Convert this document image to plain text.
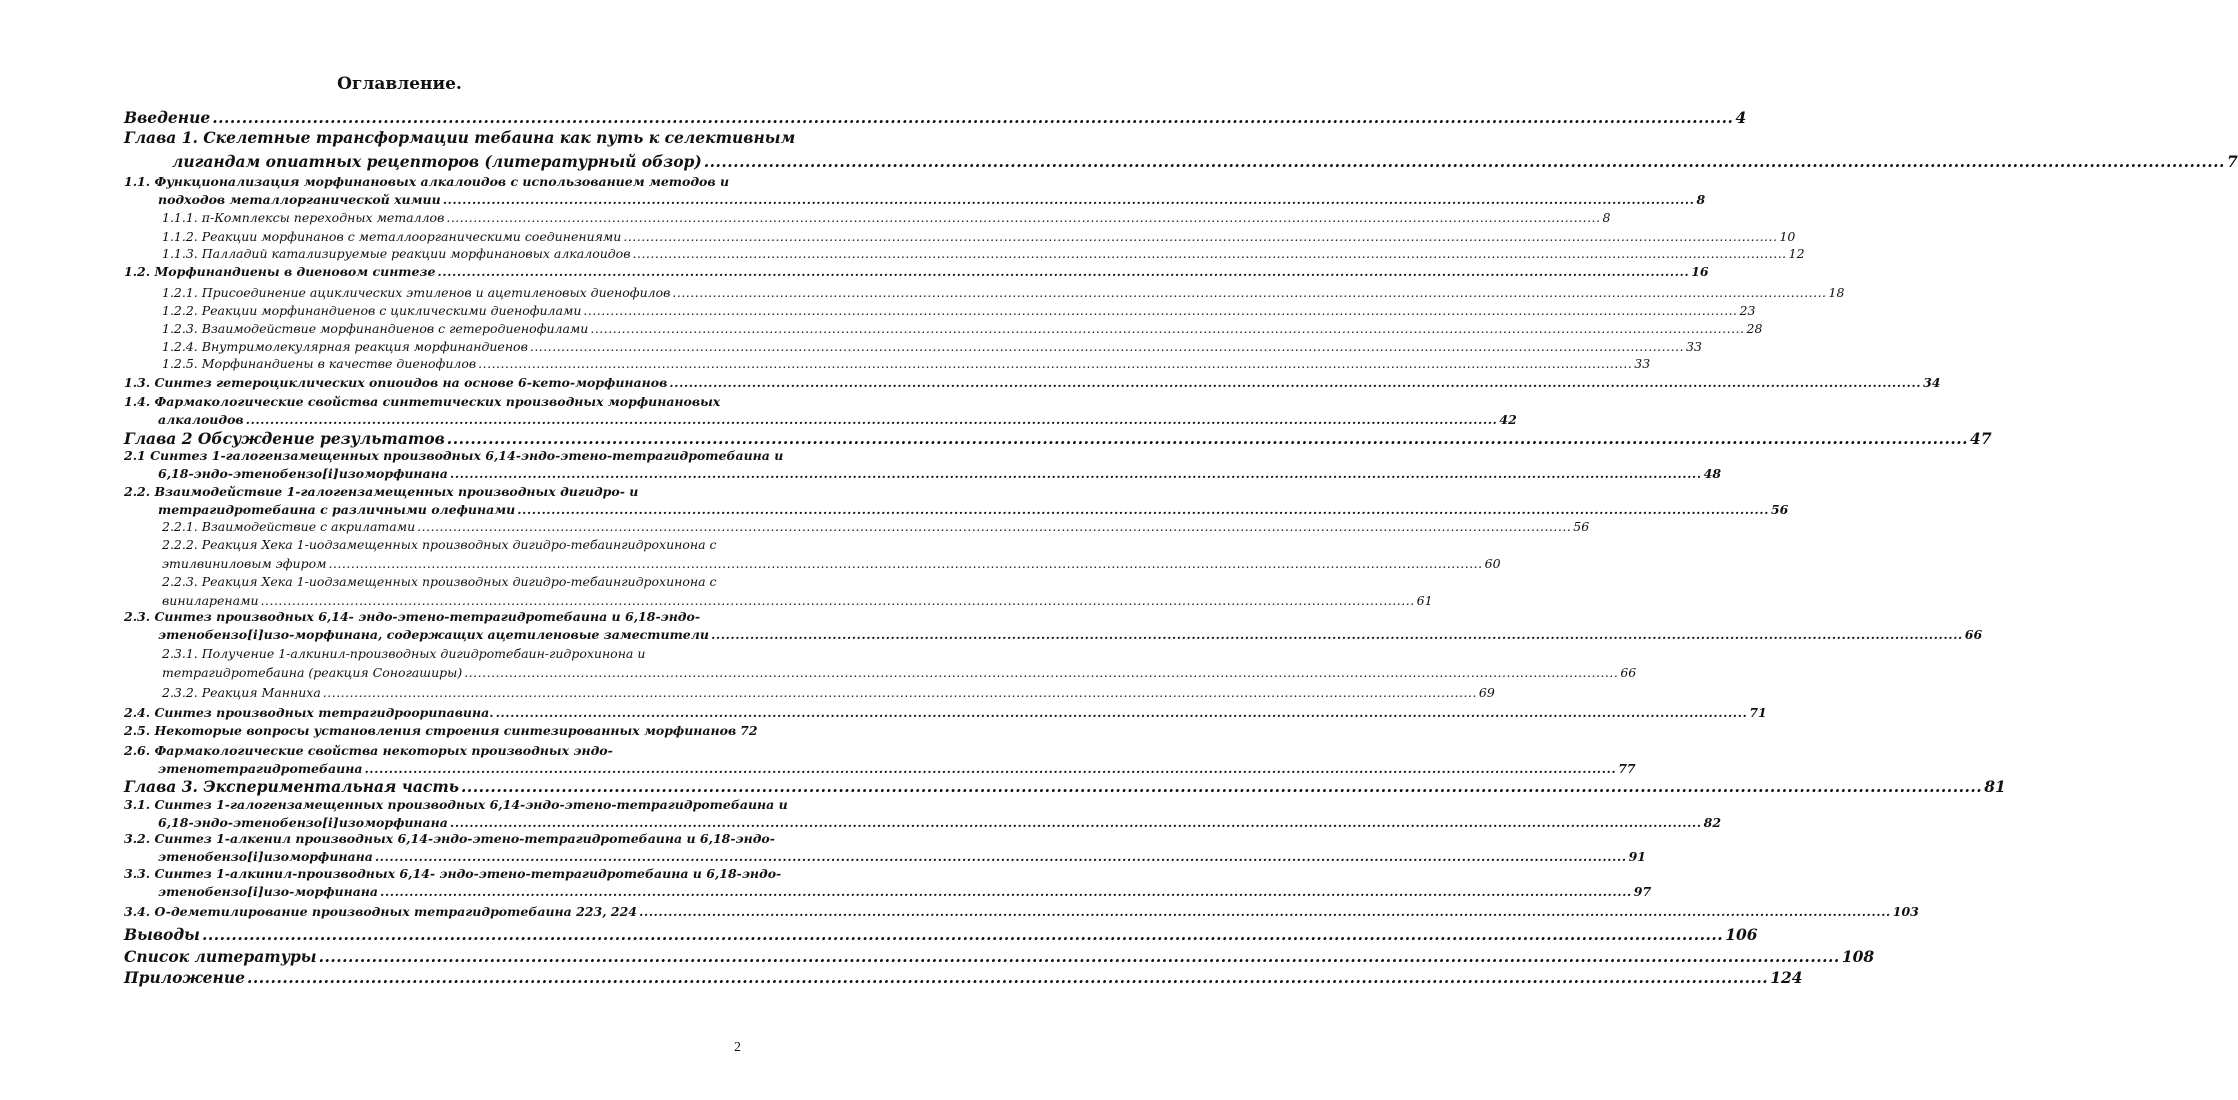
Оглавление.
Введение .....	4
Глава 1. Скелетные трансформации тебаина как путь к селективным
лигандам опиатных рецепторов (литературный обзор) .....	7
1.1. Функционализация морфинановых алкалоидов с использованием методов и
подходов металлорганической химии .....	8
1.1.1. π-Комплексы переходных металлов .....	8
1.1.2. Реакции морфинанов с металлоорганическими соединениями .....	10
1.1.3. Палладий катализируемые реакции морфинановых алкалоидов .....	12
1.2. Морфинандиены в диеновом синтезе .....	16
1.2.1. Присоединение ациклических этиленов и ацетиленовых диенофилов .....	18
1.2.2. Реакции морфинандиенов с циклическими диенофилами .....	23
1.2.3. Взаимодействие морфинандиенов с гетеродиенофилами .....	28
1.2.4. Внутримолекулярная реакция морфинандиенов .....	33
1.2.5. Морфинандиены в качестве диенофилов .....	33
1.3. Синтез гетероциклических опиоидов на основе 6-кето-морфинанов .....	34
1.4. Фармакологические свойства синтетических производных морфинановых
алкалоидов .....	42
Глава 2 Обсуждение результатов .....	47
2.1 Синтез 1-галогензамещенных производных 6,14-эндо-этено-тетрагидротебаина и
6,18-эндо-этенобензо[i]изоморфинана .....	48
2.2. Взаимодействие 1-галогензамещенных производных дигидро- и
тетрагидротебаина с различными олефинами .....	56
2.2.1. Взаимодействие с акрилатами .....	56
2.2.2. Реакция Хека 1-иодзамещенных производных дигидро-тебаингидрохинона с
этилвиниловым эфиром .....	60
2.2.3. Реакция Хека 1-иодзамещенных производных дигидро-тебаингидрохинона с
виниларенами .....	61
2.3. Синтез производных 6,14- эндо-этено-тетрагидротебаина и 6,18-эндо-
этенобензо[i]изо-морфинана, содержащих ацетиленовые заместители .....	66
2.3.1. Получение 1-алкинил-производных дигидротебаин-гидрохинона и
тетрагидротебаина (реакция Соногаширы) .....	66
2.3.2. Реакция Манниха .....	69
2.4. Синтез производных тетрагидроорипавина. .....	71
2.5. Некоторые вопросы установления строения синтезированных морфинанов 72
2.6. Фармакологические свойства некоторых производных эндо-
этенотетрагидротебаина .....	77
Глава 3. Экспериментальная часть .....	81
3.1. Синтез 1-галогензамещенных производных 6,14-эндо-этено-тетрагидротебаина и
6,18-эндо-этенобензо[i]изоморфинана .....	82
3.2. Синтез 1-алкенил производных 6,14-эндо-этено-тетрагидротебаина и 6,18-эндо-
этенобензо[i]изоморфинана .....	91
3.3. Синтез 1-алкинил-производных 6,14- эндо-этено-тетрагидротебаина и 6,18-эндо-
этенобензо[i]изо-морфинана .....	97
3.4. O-деметилирование производных тетрагидротебаина 223, 224 .....	103
Выводы .....	106
Список литературы .....	108
Приложение .....	124
2
